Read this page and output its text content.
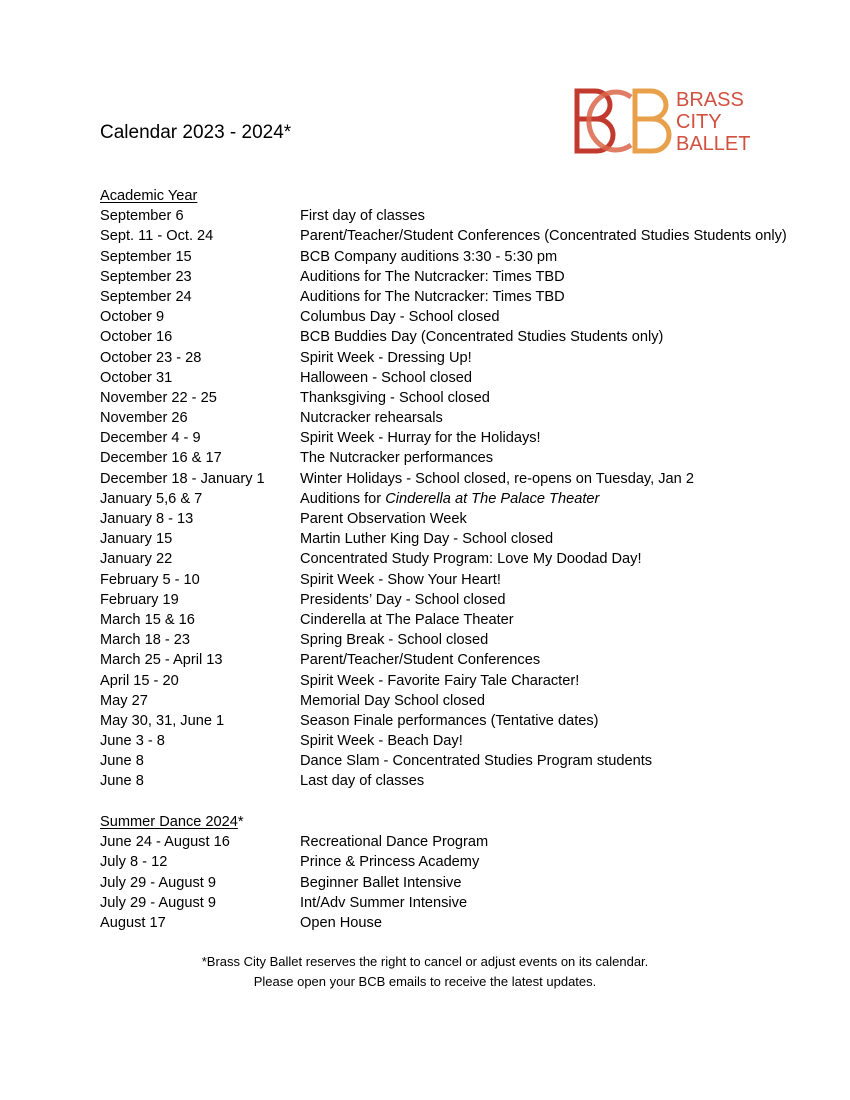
Calendar 2023 - 2024*
BRASS
CITY
BALLET
Academic Year
September 6	First day of classes
Sept. 11 - Oct. 24	Parent/Teacher/Student Conferences (Concentrated Studies Students only)
September 15	BCB Company auditions 3:30 - 5:30 pm
September 23	Auditions for The Nutcracker: Times TBD
September 24	Auditions for The Nutcracker: Times TBD
October 9	Columbus Day - School closed
October 16	BCB Buddies Day (Concentrated Studies Students only)
October 23 - 28	Spirit Week - Dressing Up!
October 31	Halloween - School closed
November 22 - 25	Thanksgiving - School closed
November 26	Nutcracker rehearsals
December 4 - 9	Spirit Week - Hurray for the Holidays!
December 16 & 17	The Nutcracker performances
December 18 - January 1	Winter Holidays - School closed, re-opens on Tuesday, Jan 2
January 5,6 & 7	Auditions for Cinderella at The Palace Theater
January 8 - 13	Parent Observation Week
January 15	Martin Luther King Day - School closed
January 22	Concentrated Study Program: Love My Doodad Day!
February 5 - 10	Spirit Week - Show Your Heart!
February 19	Presidents’ Day - School closed
March 15 & 16	Cinderella at The Palace Theater
March 18 - 23	Spring Break - School closed
March 25 - April 13	Parent/Teacher/Student Conferences
April 15 - 20	Spirit Week - Favorite Fairy Tale Character!
May 27	Memorial Day School closed
May 30, 31, June 1	Season Finale performances (Tentative dates)
June 3 - 8	Spirit Week - Beach Day!
June 8	Dance Slam - Concentrated Studies Program students
June 8	Last day of classes
Summer Dance 2024*
June 24 - August 16	Recreational Dance Program
July 8 - 12	Prince & Princess Academy
July 29 - August 9	Beginner Ballet Intensive
July 29 - August 9	Int/Adv Summer Intensive
August 17	Open House
*Brass City Ballet reserves the right to cancel or adjust events on its calendar.
Please open your BCB emails to receive the latest updates.
